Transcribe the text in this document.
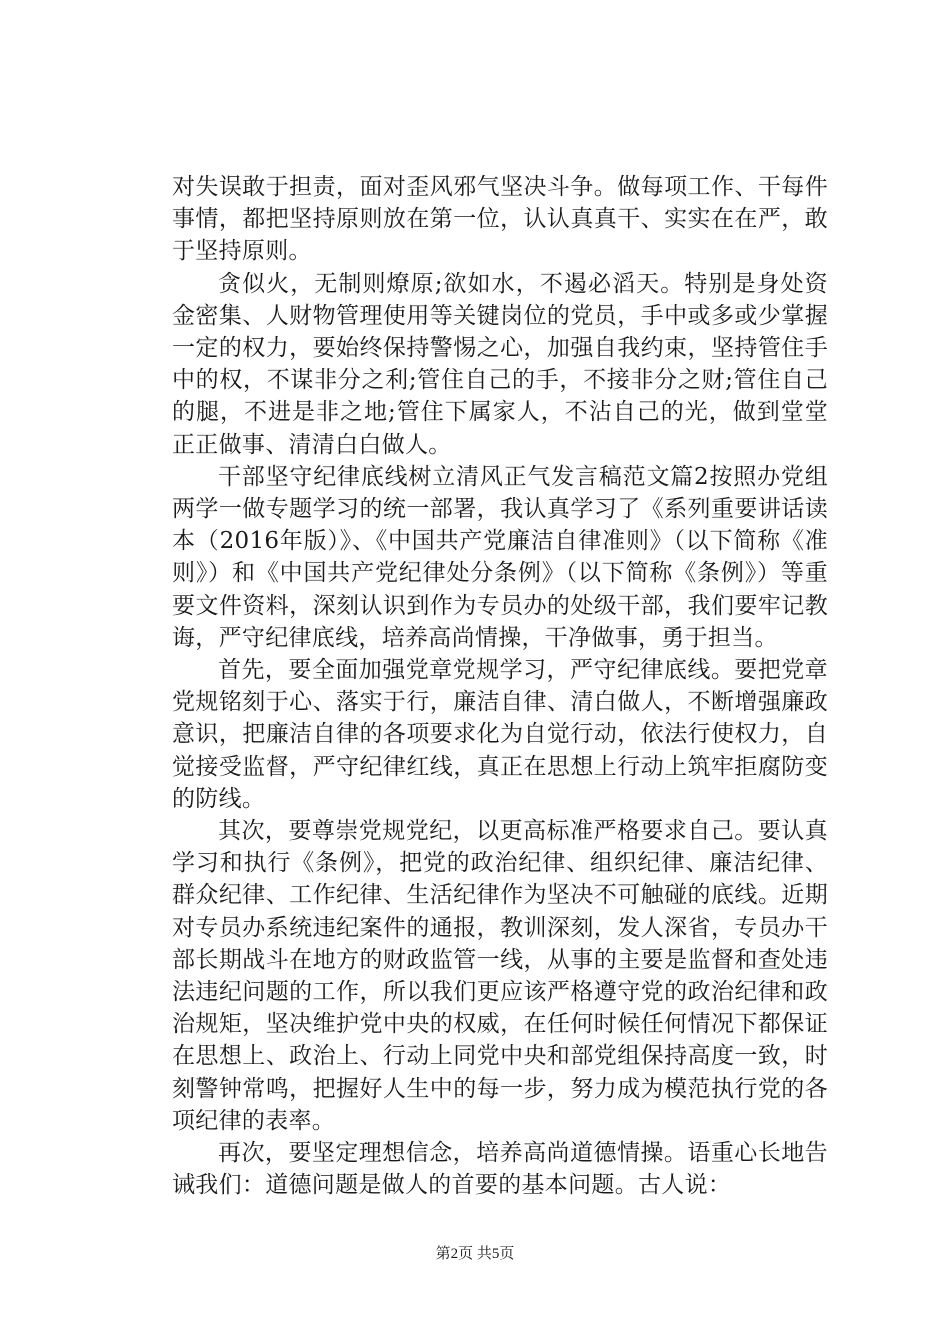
对失误敢于担责，面对歪风邪气坚决斗争。做每项工作、干每件事情，都把坚持原则放在第一位，认认真真干、实实在在严，敢于坚持原则。

贪似火，无制则燎原;欲如水，不遏必滔天。特别是身处资金密集、人财物管理使用等关键岗位的党员，手中或多或少掌握一定的权力，要始终保持警惕之心，加强自我约束，坚持管住手中的权，不谋非分之利;管住自己的手，不接非分之财;管住自己的腿，不进是非之地;管住下属家人，不沾自己的光，做到堂堂正正做事、清清白白做人。

干部坚守纪律底线树立清风正气发言稿范文篇2按照办党组两学一做专题学习的统一部署，我认真学习了《系列重要讲话读本（2016年版）》、《中国共产党廉洁自律准则》（以下简称《准则》）和《中国共产党纪律处分条例》（以下简称《条例》）等重要文件资料，深刻认识到作为专员办的处级干部，我们要牢记教诲，严守纪律底线，培养高尚情操，干净做事，勇于担当。

首先，要全面加强党章党规学习，严守纪律底线。要把党章党规铭刻于心、落实于行，廉洁自律、清白做人，不断增强廉政意识，把廉洁自律的各项要求化为自觉行动，依法行使权力，自觉接受监督，严守纪律红线，真正在思想上行动上筑牢拒腐防变的防线。

其次，要尊崇党规党纪，以更高标准严格要求自己。要认真学习和执行《条例》，把党的政治纪律、组织纪律、廉洁纪律、群众纪律、工作纪律、生活纪律作为坚决不可触碰的底线。近期对专员办系统违纪案件的通报，教训深刻，发人深省，专员办干部长期战斗在地方的财政监管一线，从事的主要是监督和查处违法违纪问题的工作，所以我们更应该严格遵守党的政治纪律和政治规矩，坚决维护党中央的权威，在任何时候任何情况下都保证在思想上、政治上、行动上同党中央和部党组保持高度一致，时刻警钟常鸣，把握好人生中的每一步，努力成为模范执行党的各项纪律的表率。

再次，要坚定理想信念，培养高尚道德情操。语重心长地告诫我们：道德问题是做人的首要的基本问题。古人说：

第2页 共5页
